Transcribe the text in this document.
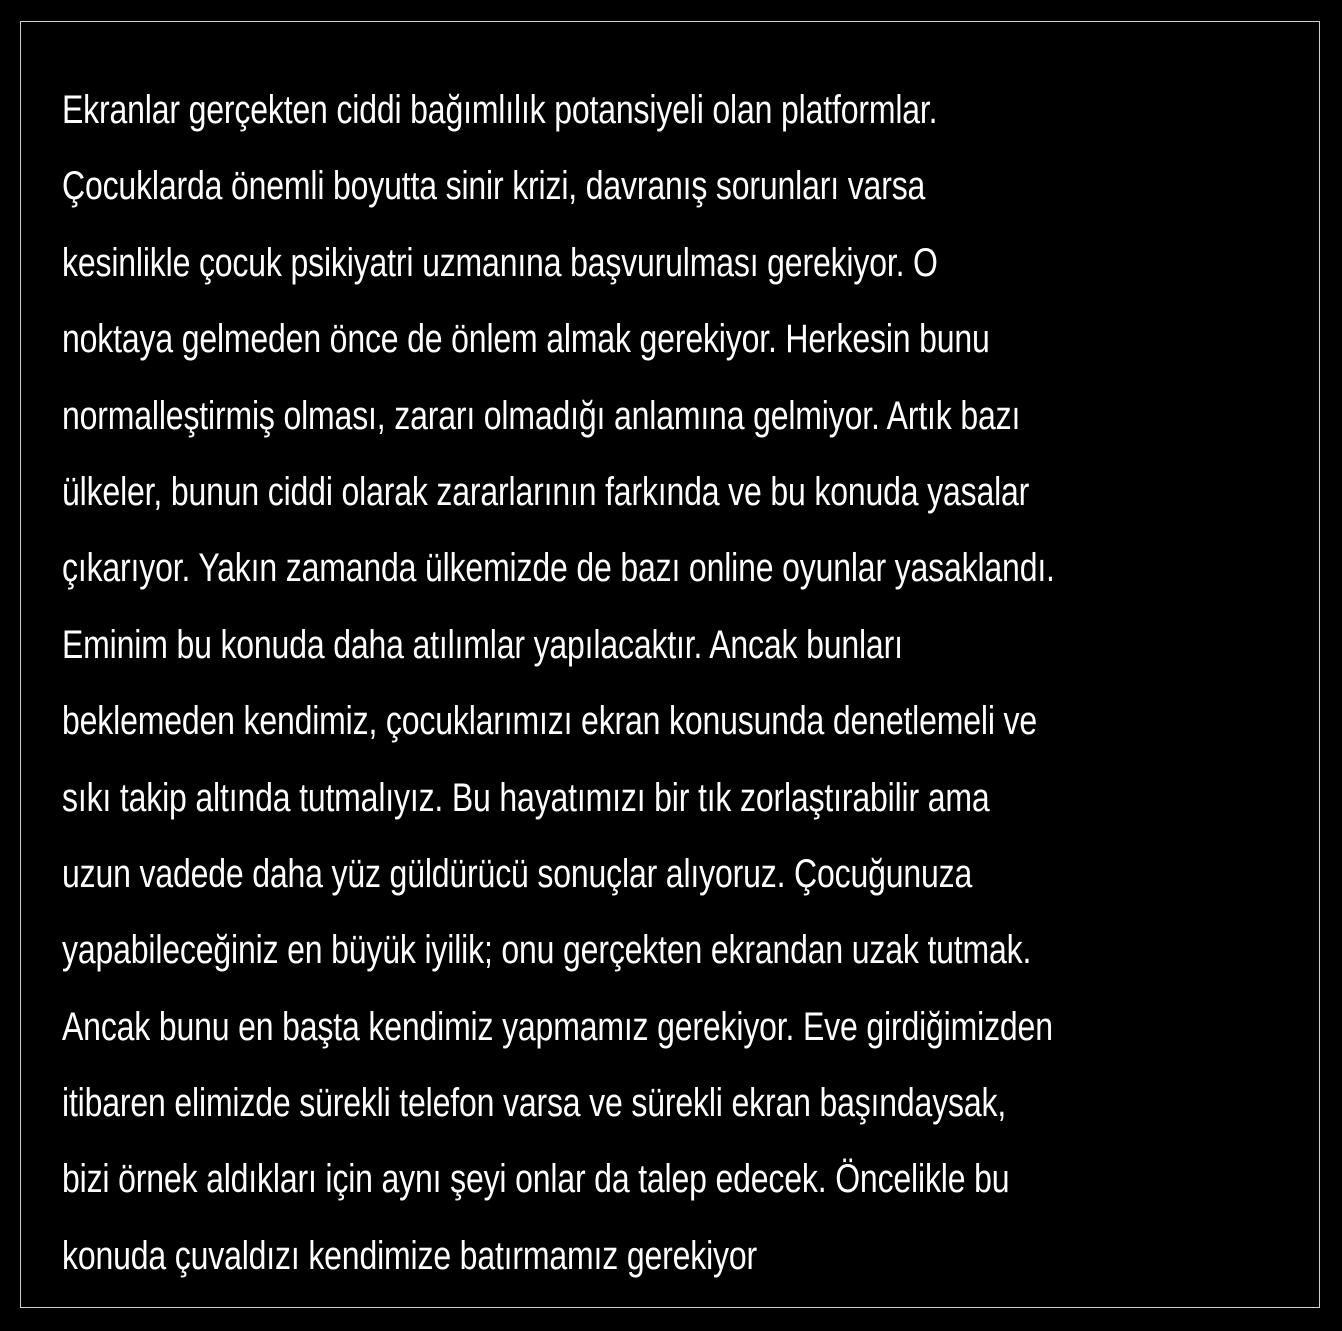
Ekranlar gerçekten ciddi bağımlılık potansiyeli olan platformlar.
Çocuklarda önemli boyutta sinir krizi, davranış sorunları varsa
kesinlikle çocuk psikiyatri uzmanına başvurulması gerekiyor. O
noktaya gelmeden önce de önlem almak gerekiyor. Herkesin bunu
normalleştirmiş olması, zararı olmadığı anlamına gelmiyor. Artık bazı
ülkeler, bunun ciddi olarak zararlarının farkında ve bu konuda yasalar
çıkarıyor. Yakın zamanda ülkemizde de bazı online oyunlar yasaklandı.
Eminim bu konuda daha atılımlar yapılacaktır. Ancak bunları
beklemeden kendimiz, çocuklarımızı ekran konusunda denetlemeli ve
sıkı takip altında tutmalıyız. Bu hayatımızı bir tık zorlaştırabilir ama
uzun vadede daha yüz güldürücü sonuçlar alıyoruz. Çocuğunuza
yapabileceğiniz en büyük iyilik; onu gerçekten ekrandan uzak tutmak.
Ancak bunu en başta kendimiz yapmamız gerekiyor. Eve girdiğimizden
itibaren elimizde sürekli telefon varsa ve sürekli ekran başındaysak,
bizi örnek aldıkları için aynı şeyi onlar da talep edecek. Öncelikle bu
konuda çuvaldızı kendimize batırmamız gerekiyor
